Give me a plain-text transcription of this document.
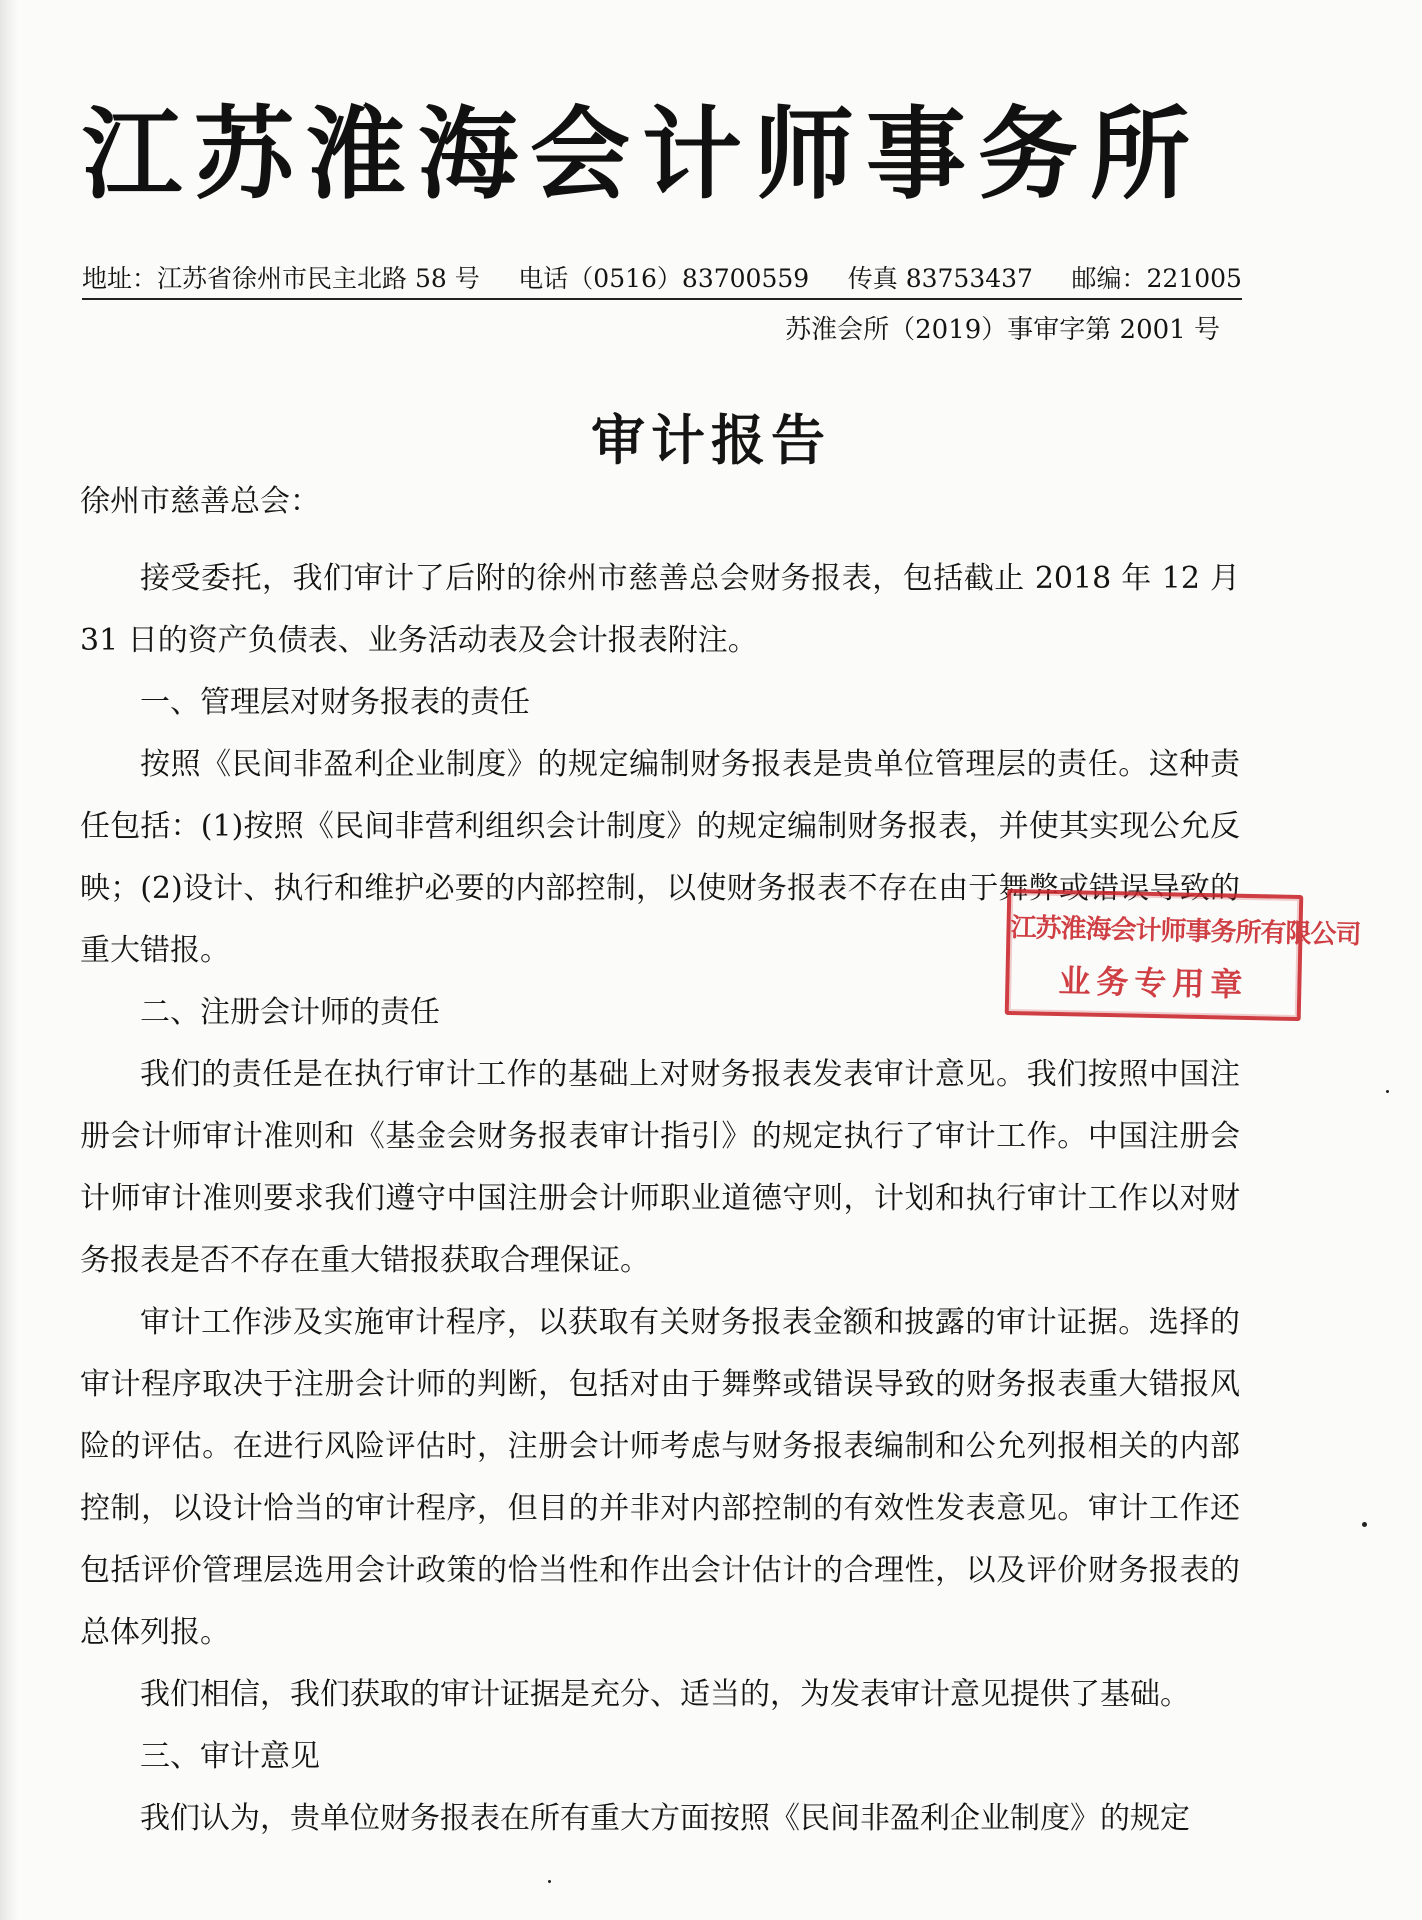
江苏淮海会计师事务所
地址：江苏省徐州市民主北路 58 号 电话（0516）83700559 传真 83753437 邮编：221005
苏淮会所（2019）事审字第 2001 号
审计报告
徐州市慈善总会：

接受委托，我们审计了后附的徐州市慈善总会财务报表，包括截止 2018 年 12 月 31 日的资产负债表、业务活动表及会计报表附注。

一、管理层对财务报表的责任

按照《民间非盈利企业制度》的规定编制财务报表是贵单位管理层的责任。这种责任包括：(1)按照《民间非营利组织会计制度》的规定编制财务报表，并使其实现公允反映；(2)设计、执行和维护必要的内部控制，以使财务报表不存在由于舞弊或错误导致的重大错报。

二、注册会计师的责任

我们的责任是在执行审计工作的基础上对财务报表发表审计意见。我们按照中国注册会计师审计准则和《基金会财务报表审计指引》的规定执行了审计工作。中国注册会计师审计准则要求我们遵守中国注册会计师职业道德守则，计划和执行审计工作以对财务报表是否不存在重大错报获取合理保证。

审计工作涉及实施审计程序，以获取有关财务报表金额和披露的审计证据。选择的审计程序取决于注册会计师的判断，包括对由于舞弊或错误导致的财务报表重大错报风险的评估。在进行风险评估时，注册会计师考虑与财务报表编制和公允列报相关的内部控制，以设计恰当的审计程序，但目的并非对内部控制的有效性发表意见。审计工作还包括评价管理层选用会计政策的恰当性和作出会计估计的合理性，以及评价财务报表的总体列报。

我们相信，我们获取的审计证据是充分、适当的，为发表审计意见提供了基础。

三、审计意见

我们认为，贵单位财务报表在所有重大方面按照《民间非盈利企业制度》的规定

江苏淮海会计师事务所有限公司
业务专用章
